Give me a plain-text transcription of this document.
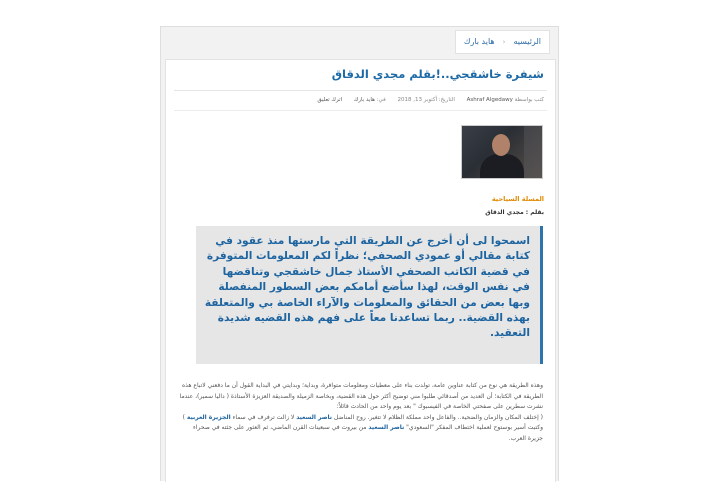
الرئيسيه
‹
هايد بارك
شيفرة خاشقجي..!بقلم مجدي الدقاق
كتب بواسطة Ashraf Algedawy التاريخ: أكتوبر 13, 2018 في: هايد بارك اترك تعليق
المسلة السياحية
بقلم : مجدي الدقاق
اسمحوا لى أن أخرج عن الطريقة التي مارستها منذ عقود في كتابة مقالي أو عمودي الصحفي؛ نظراً لكم المعلومات المتوفرة في قضية الكاتب الصحفي الأستاذ جمال خاشقجي وتناقضها في نفس الوقت، لهذا سأضع أمامكم بعض السطور المنفصلة وبها بعض من الحقائق والمعلومات والآراء الخاصة بي والمتعلقة بهذه القضية.. ربما تساعدنا معاً على فهم هذه القضيه شديدة التعقيد.
وهذه الطريقة هي نوع من كتابة عناوين عامة، تولدت بناء على معطيات ومعلومات متوافرة، وبداية؛ وبدايتي في البداية القول أن ما دفعني لاتباع هذه الطريقة في الكتابة؛ أن العديد من أصدقائي طلبوا مني توضيح أكثر حول هذه القضية، وبخاصة الزميلة والصديقة العزيزة الأستاذة ( داليا سمير)، عندما نشرت سطرين على صفحتي الخاصة في الفيسبوك " بعد يوم واحد من الحادث قائلاً:
( إختلف المكان والزمان والضحية.. والفاعل واحد مملكة الظلام لا تتغير. روح المناضل ناصر السعيد لا زالت ترفرف في سماء الجزيرة العربية ) وكتبت أسير بوستوح لعملية اختطاف المفكر "السعودي" ناصر السعيد من بيروت في سبعينات القرن الماضي، ثم العثور على جثته في صحراء جزيرة العرب.
